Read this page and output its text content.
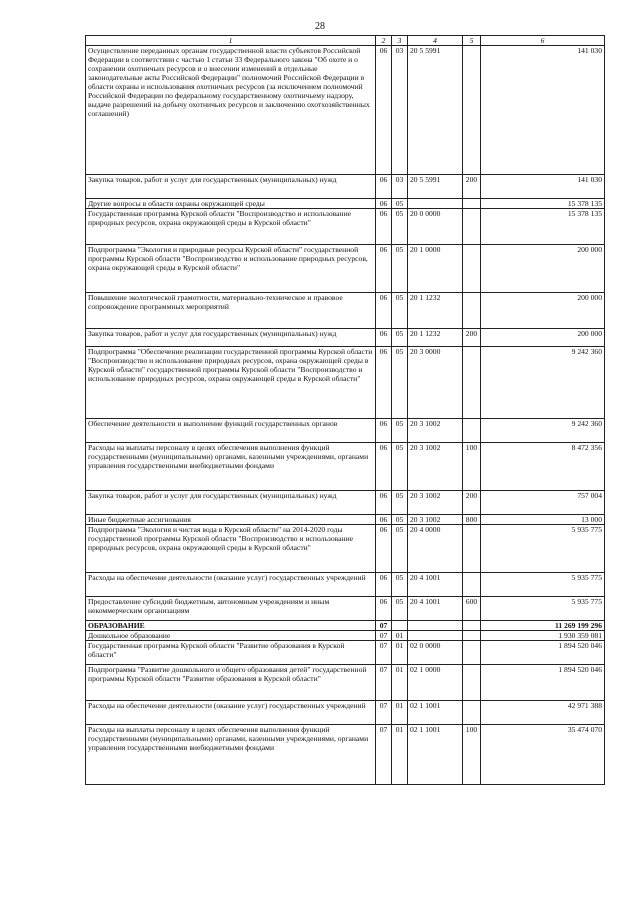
28
1	2	3	4	5	6
Осуществление переданных органам государственной власти субъектов Российской Федерации в соответствии с частью 1 статьи 33 Федерального закона "Об охоте и о сохранении охотничьих ресурсов и о внесении изменений в отдельные законодательные акты Российской Федерации" полномочий Российской Федерации в области охраны и использования охотничьих ресурсов (за исключением полномочий Российской Федерации по федеральному государственному охотничьему надзору, выдаче разрешений на добычу охотничьих ресурсов и заключению охотхозяйственных соглашений)	06	03	20 5 5991		141 030
Закупка товаров, работ и услуг для государственных (муниципальных) нужд	06	03	20 5 5991	200	141 030
Другие вопросы в области охраны окружающей среды	06	05			15 378 135
Государственная программа Курской области "Воспроизводство и использование природных ресурсов, охрана окружающей среды в Курской области"	06	05	20 0 0000		15 378 135
Подпрограмма "Экология и природные ресурсы Курской области" государственной программы Курской области "Воспроизводство и использование природных ресурсов, охрана окружающей среды в Курской области"	06	05	20 1 0000		200 000
Повышение экологической грамотности, материально-техническое и правовое сопровождение программных мероприятий	06	05	20 1 1232		200 000
Закупка товаров, работ и услуг для государственных (муниципальных) нужд	06	05	20 1 1232	200	200 000
Подпрограмма "Обеспечение реализации государственной программы Курской области "Воспроизводство и использование природных ресурсов, охрана окружающей среды в Курской области" государственной программы Курской области "Воспроизводство и использование природных ресурсов, охрана окружающей среды в Курской области"	06	05	20 3 0000		9 242 360
Обеспечение деятельности и выполнение функций государственных органов	06	05	20 3 1002		9 242 360
Расходы на выплаты персоналу в целях обеспечения выполнения функций государственными (муниципальными) органами, казенными учреждениями, органами управления государственными внебюджетными фондами	06	05	20 3 1002	100	8 472 356
Закупка товаров, работ и услуг для государственных (муниципальных) нужд	06	05	20 3 1002	200	757 004
Иные бюджетные ассигнования	06	05	20 3 1002	800	13 000
Подпрограмма "Экология и чистая вода в Курской области" на 2014-2020 годы государственной программы Курской области "Воспроизводство и использование природных ресурсов, охрана окружающей среды в Курской области"	06	05	20 4 0000		5 935 775
Расходы на обеспечение деятельности (оказание услуг) государственных учреждений	06	05	20 4 1001		5 935 775
Предоставление субсидий бюджетным, автономным учреждениям и иным некоммерческим организациям	06	05	20 4 1001	600	5 935 775
ОБРАЗОВАНИЕ	07				11 269 199 296
Дошкольное образование	07	01			1 930 359 081
Государственная программа Курской области "Развитие образования в Курской области"	07	01	02 0 0000		1 894 520 046
Подпрограмма "Развитие дошкольного и общего образования детей" государственной программы Курской области "Развитие образования в Курской области"	07	01	02 1 0000		1 894 520 046
Расходы на обеспечение деятельности (оказание услуг) государственных учреждений	07	01	02 1 1001		42 971 388
Расходы на выплаты персоналу в целях обеспечения выполнения функций государственными (муниципальными) органами, казенными учреждениями, органами управления государственными внебюджетными фондами	07	01	02 1 1001	100	35 474 070
